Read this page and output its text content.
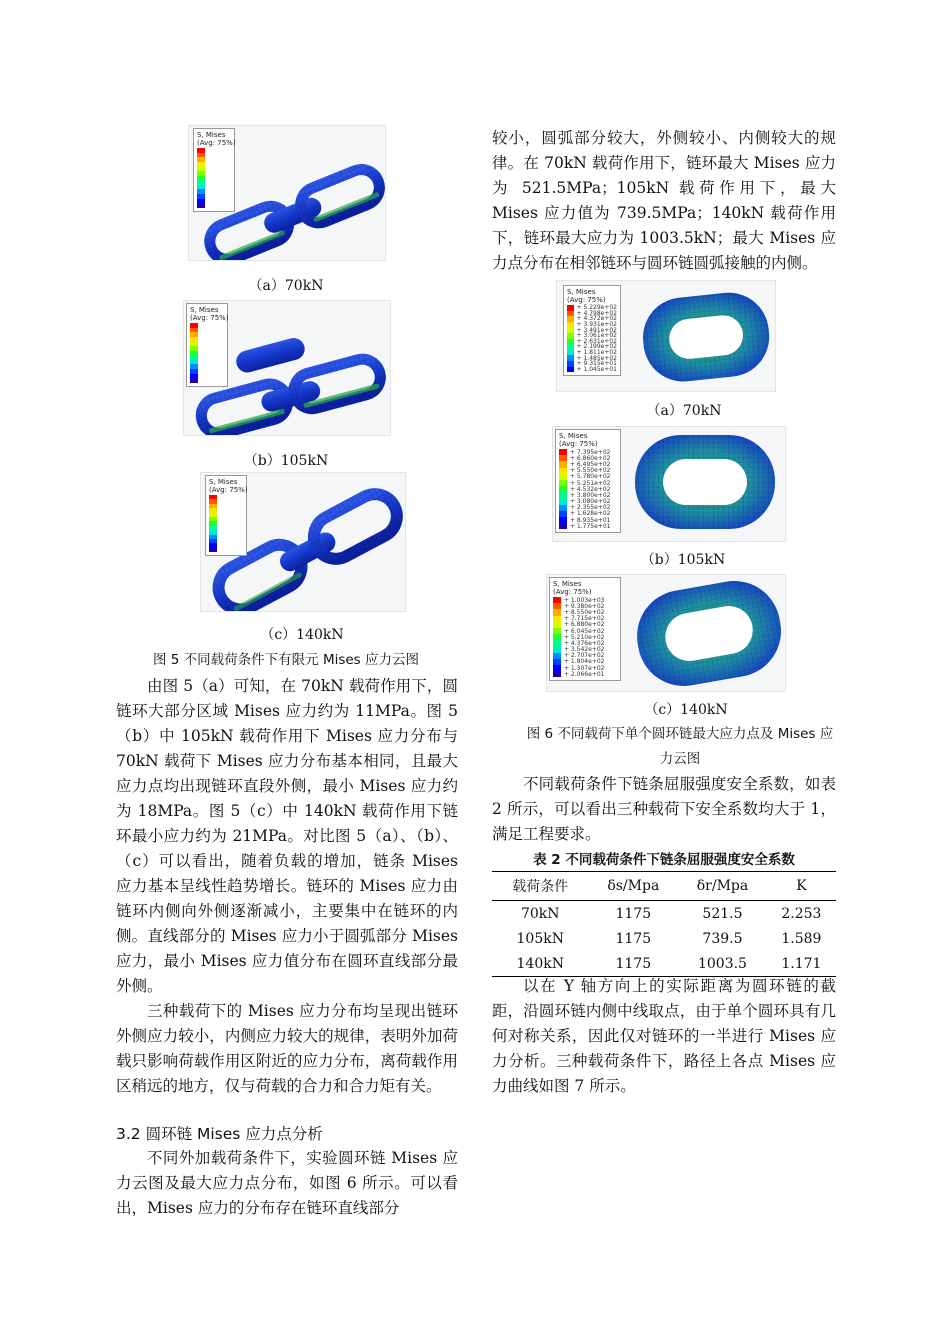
S, Mises
(Avg: 75%)
（a）70kN
S, Mises
(Avg: 75%)
（b）105kN
S, Mises
(Avg: 75%)
（c）140kN
图 5 不同载荷条件下有限元 Mises 应力云图

由图 5（a）可知，在 70kN 载荷作用下，圆链环大部分区域 Mises 应力约为 11MPa。图 5（b）中 105kN 载荷作用下 Mises 应力分布与 70kN 载荷下 Mises 应力分布基本相同，且最大应力点均出现链环直段外侧，最小 Mises 应力约为 18MPa。图 5（c）中 140kN 载荷作用下链环最小应力约为 21MPa。对比图 5（a）、（b）、（c）可以看出，随着负载的增加，链条 Mises 应力基本呈线性趋势增长。链环的 Mises 应力由链环内侧向外侧逐渐减小，主要集中在链环的内侧。直线部分的 Mises 应力小于圆弧部分 Mises 应力，最小 Mises 应力值分布在圆环直线部分最外侧。

三种载荷下的 Mises 应力分布均呈现出链环外侧应力较小，内侧应力较大的规律，表明外加荷载只影响荷载作用区附近的应力分布，离荷载作用区稍远的地方，仅与荷载的合力和合力矩有关。

3.2 圆环链 Mises 应力点分析

不同外加载荷条件下，实验圆环链 Mises 应力云图及最大应力点分布，如图 6 所示。可以看出，Mises 应力的分布存在链环直线部分

较小，圆弧部分较大，外侧较小、内侧较大的规律。在 70kN 载荷作用下，链环最大 Mises 应力为 521.5MPa；105kN 载荷作用下，最大 Mises 应力值为 739.5MPa；140kN 载荷作用下，链环最大应力为 1003.5kN；最大 Mises 应力点分布在相邻链环与圆环链圆弧接触的内侧。

S, Mises
(Avg: 75%)
+ 5.229e+02
+ 4.798e+02
+ 4.372e+02
+ 3.931e+02
+ 3.491e+02
+ 3.061e+02
+ 2.631e+02
+ 2.199e+02
+ 1.811e+02
+ 1.485e+02
+ 9.315e+01
+ 1.045e+01
（a）70kN
S, Mises
(Avg: 75%)
+ 7.395e+02
+ 6.860e+02
+ 6.495e+02
+ 5.550e+02
+ 5.780e+02
+ 5.251e+02
+ 4.532e+02
+ 3.800e+02
+ 3.080e+02
+ 2.355e+02
+ 1.628e+02
+ 8.935e+01
+ 1.775e+01
（b）105kN
S, Mises
(Avg: 75%)
+ 1.003e+03
+ 9.380e+02
+ 8.550e+02
+ 7.715e+02
+ 6.880e+02
+ 6.045e+02
+ 5.210e+02
+ 4.376e+02
+ 3.542e+02
+ 2.707e+02
+ 1.804e+02
+ 1.307e+02
+ 2.066e+01
（c）140kN
图 6 不同载荷下单个圆环链最大应力点及 Mises 应
力云图

不同载荷条件下链条屈服强度安全系数，如表 2 所示，可以看出三种载荷下安全系数均大于 1，满足工程要求。

表 2 不同载荷条件下链条屈服强度安全系数
载荷条件	δs/Mpa	δr/Mpa	K
70kN	1175	521.5	2.253
105kN	1175	739.5	1.589
140kN	1175	1003.5	1.171

以在 Y 轴方向上的实际距离为圆环链的截距，沿圆环链内侧中线取点，由于单个圆环具有几何对称关系，因此仅对链环的一半进行 Mises 应力分析。三种载荷条件下，路径上各点 Mises 应力曲线如图 7 所示。
